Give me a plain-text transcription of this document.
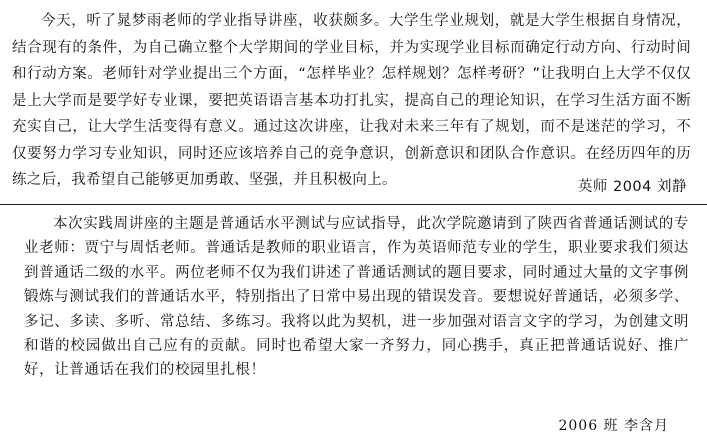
今天，听了晁梦雨老师的学业指导讲座，收获颇多。大学生学业规划，就是大学生根据自身情况，结合现有的条件，为自己确立整个大学期间的学业目标，并为实现学业目标而确定行动方向、行动时间和行动方案。老师针对学业提出三个方面，“怎样毕业？怎样规划？怎样考研？”让我明白上大学不仅仅是上大学而是要学好专业课，要把英语语言基本功打扎实，提高自己的理论知识，在学习生活方面不断充实自己，让大学生活变得有意义。通过这次讲座，让我对未来三年有了规划，而不是迷茫的学习，不仅要努力学习专业知识，同时还应该培养自己的竞争意识，创新意识和团队合作意识。在经历四年的历练之后，我希望自己能够更加勇敢、坚强，并且积极向上。	英师 2004 刘静

本次实践周讲座的主题是普通话水平测试与应试指导，此次学院邀请到了陕西省普通话测试的专业老师：贾宁与周恬老师。普通话是教师的职业语言，作为英语师范专业的学生，职业要求我们须达到普通话二级的水平。两位老师不仅为我们讲述了普通话测试的题目要求，同时通过大量的文字事例锻炼与测试我们的普通话水平，特别指出了日常中易出现的错误发音。要想说好普通话，必须多学、多记、多读、多听、常总结、多练习。我将以此为契机，进一步加强对语言文字的学习，为创建文明和谐的校园做出自己应有的贡献。同时也希望大家一齐努力，同心携手，真正把普通话说好、推广好，让普通话在我们的校园里扎根！

2006 班 李含月
